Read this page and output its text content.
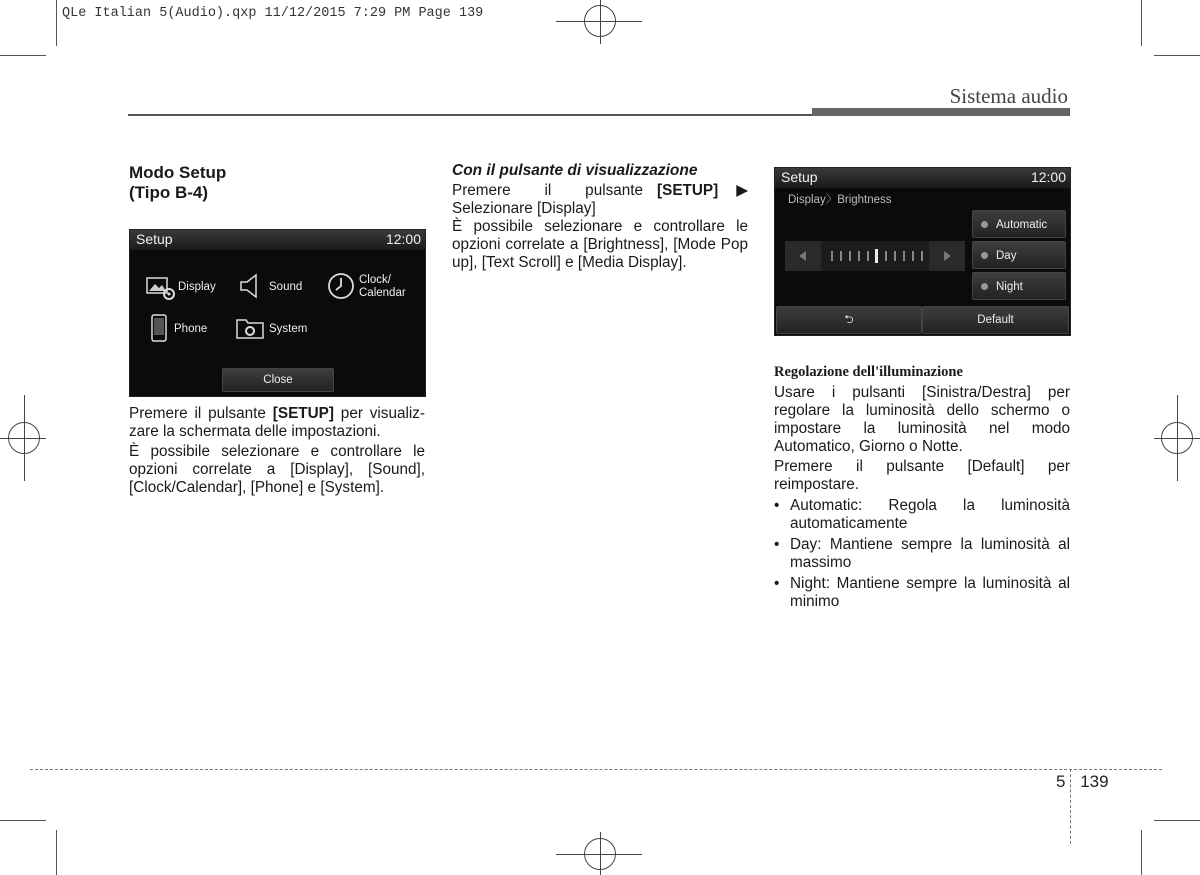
QLe Italian 5(Audio).qxp 11/12/2015 7:29 PM Page 139
Sistema audio
Modo Setup
(Tipo B-4)
Setup	12:00
Display	Sound
Clock/
Calendar
Phone	System
Close

Premere il pulsante [SETUP] per visualiz-zare la schermata delle impostazioni.

È possibile selezionare e controllare le opzioni correlate a [Display], [Sound], [Clock/Calendar], [Phone] e [System].

Con il pulsante di visualizzazione
Premere il pulsante [SETUP] ▶
Selezionare [Display]

È possibile selezionare e controllare le opzioni correlate a [Brightness], [Mode Pop up], [Text Scroll] e [Media Display].

Setup	12:00
Display〉Brightness
Automatic
Day
Night
⮌	Default
Regolazione dell'illuminazione

Usare i pulsanti [Sinistra/Destra] per regolare la luminosità dello schermo o impostare la luminosità nel modo Automatico, Giorno o Notte.

Premere il pulsante [Default] per reimpostare.

• Automatic: Regola la luminosità automaticamente
• Day: Mantiene sempre la luminosità al massimo
• Night: Mantiene sempre la luminosità al minimo
5 139
